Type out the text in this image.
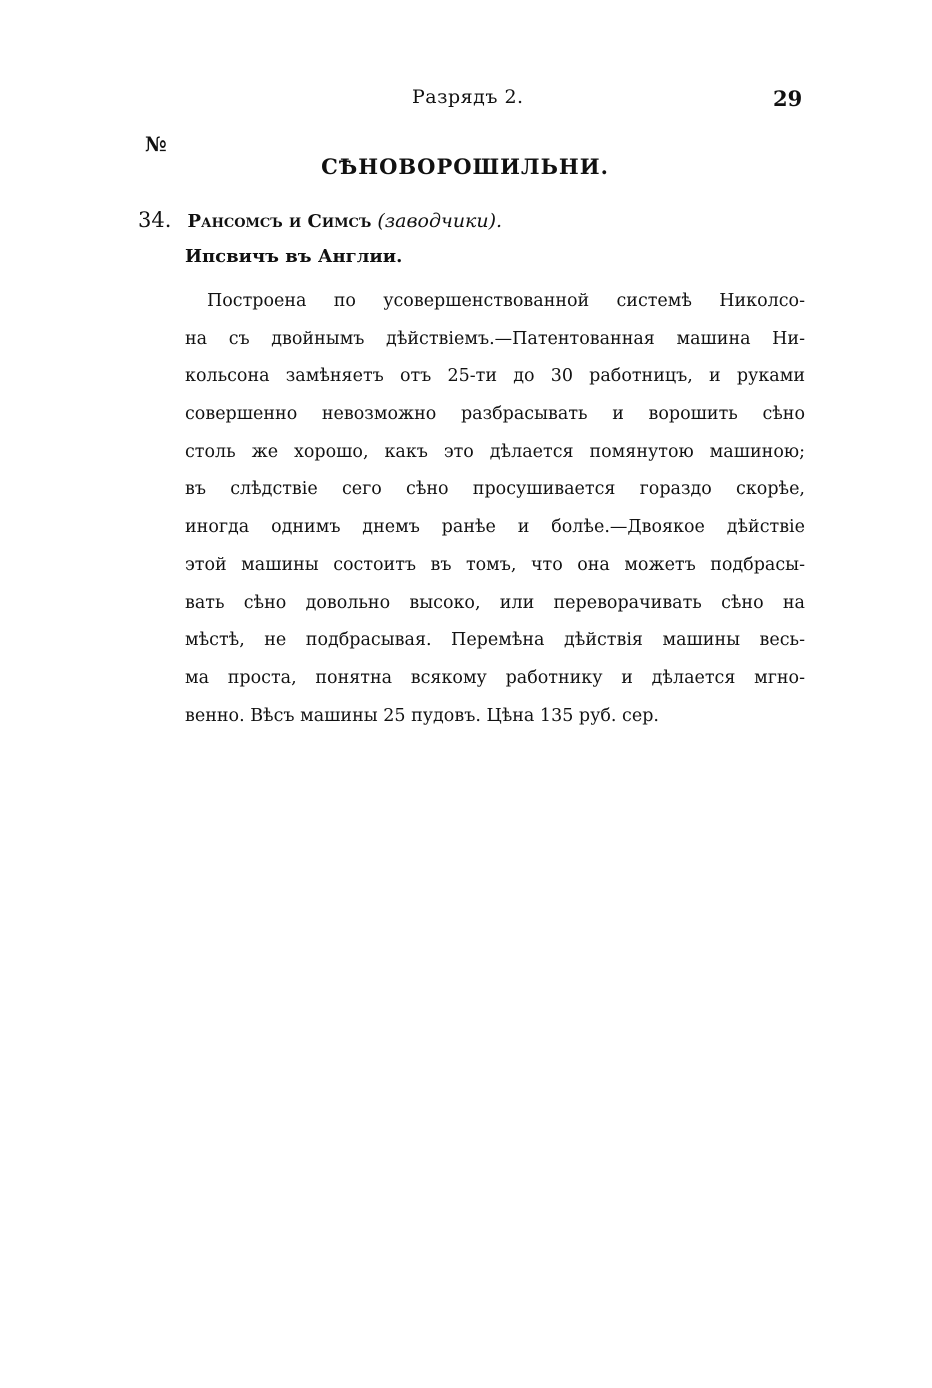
Разрядъ 2.	29
№
СѢНОВОРОШИЛЬНИ.
34. Рансомсъ и Симсъ (заводчики).
Ипсвичъ въ Англии.
Построена по усовершенствованной системѣ Николсо-
на съ двойнымъ дѣйствіемъ.—Патентованная машина Ни-
кольсона замѣняетъ отъ 25-ти до 30 работницъ, и руками
совершенно невозможно разбрасывать и ворошить сѣно
столь же хорошо, какъ это дѣлается помянутою машиною;
въ слѣдствіе сего сѣно просушивается гораздо скорѣе,
иногда однимъ днемъ ранѣе и болѣе.—Двоякое дѣйствіе
этой машины состоитъ въ томъ, что она можетъ подбрасы-
вать сѣно довольно высоко, или переворачивать сѣно на
мѣстѣ, не подбрасывая. Перемѣна дѣйствія машины весь-
ма проста, понятна всякому работнику и дѣлается мгно-
венно. Вѣсъ машины 25 пудовъ. Цѣна 135 руб. сер.
